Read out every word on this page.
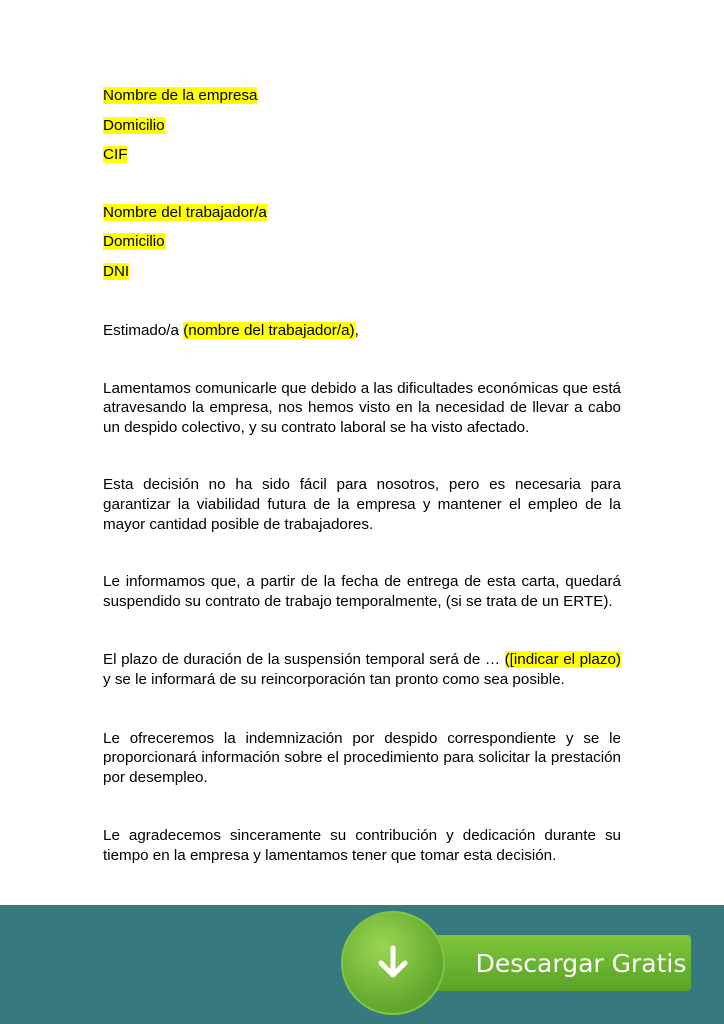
Nombre de la empresa
Domicilio
CIF
Nombre del trabajador/a
Domicilio
DNI

Estimado/a (nombre del trabajador/a),

Lamentamos comunicarle que debido a las dificultades económicas que está atravesando la empresa, nos hemos visto en la necesidad de llevar a cabo un despido colectivo, y su contrato laboral se ha visto afectado.

Esta decisión no ha sido fácil para nosotros, pero es necesaria para garantizar la viabilidad futura de la empresa y mantener el empleo de la mayor cantidad posible de trabajadores.

Le informamos que, a partir de la fecha de entrega de esta carta, quedará suspendido su contrato de trabajo temporalmente, (si se trata de un ERTE).

El plazo de duración de la suspensión temporal será de … ([indicar el plazo) y se le informará de su reincorporación tan pronto como sea posible.

Le ofreceremos la indemnización por despido correspondiente y se le proporcionará información sobre el procedimiento para solicitar la prestación por desempleo.

Le agradecemos sinceramente su contribución y dedicación durante su tiempo en la empresa y lamentamos tener que tomar esta decisión.

Descargar Gratis
